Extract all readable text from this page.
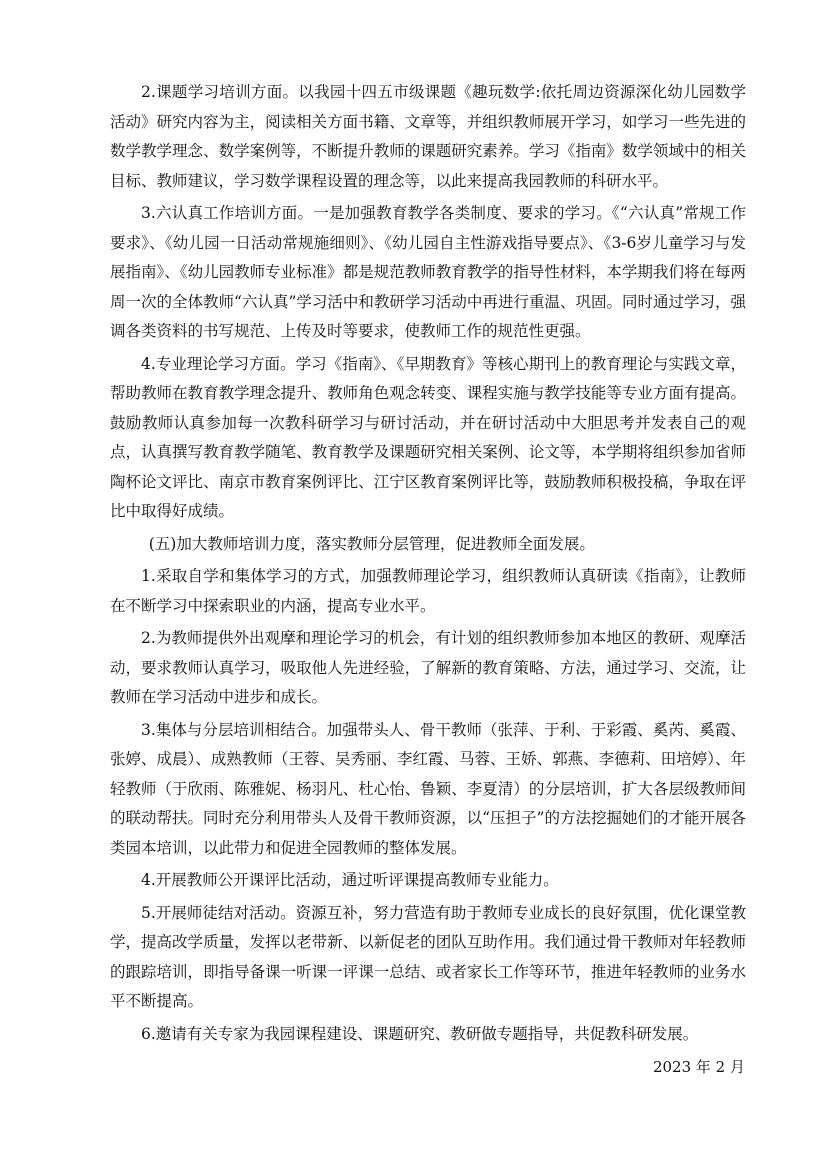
2.课题学习培训方面。以我园十四五市级课题《趣玩数学:依托周边资源深化幼儿园数学活动》研究内容为主，阅读相关方面书籍、文章等，并组织教师展开学习，如学习一些先进的数学教学理念、数学案例等，不断提升教师的课题研究素养。学习《指南》数学领域中的相关目标、教师建议，学习数学课程设置的理念等，以此来提高我园教师的科研水平。

3.六认真工作培训方面。一是加强教育教学各类制度、要求的学习。《“六认真”常规工作要求》、《幼儿园一日活动常规施细则》、《幼儿园自主性游戏指导要点》、《3-6岁儿童学习与发展指南》、《幼儿园教师专业标准》都是规范教师教育教学的指导性材料，本学期我们将在每两周一次的全体教师“六认真”学习活中和教研学习活动中再进行重温、巩固。同时通过学习，强调各类资料的书写规范、上传及时等要求，使教师工作的规范性更强。

4.专业理论学习方面。学习《指南》、《早期教育》等核心期刊上的教育理论与实践文章，帮助教师在教育教学理念提升、教师角色观念转变、课程实施与教学技能等专业方面有提高。鼓励教师认真参加每一次教科研学习与研讨活动，并在研讨活动中大胆思考并发表自己的观点，认真撰写教育教学随笔、教育教学及课题研究相关案例、论文等，本学期将组织参加省师陶杯论文评比、南京市教育案例评比、江宁区教育案例评比等，鼓励教师积极投稿，争取在评比中取得好成绩。

(五)加大教师培训力度，落实教师分层管理，促进教师全面发展。

1.采取自学和集体学习的方式，加强教师理论学习，组织教师认真研读《指南》，让教师在不断学习中探索职业的内涵，提高专业水平。

2.为教师提供外出观摩和理论学习的机会，有计划的组织教师参加本地区的教研、观摩活动，要求教师认真学习，吸取他人先进经验，了解新的教育策略、方法，通过学习、交流，让教师在学习活动中进步和成长。

3.集体与分层培训相结合。加强带头人、骨干教师（张萍、于利、于彩霞、奚芮、奚霞、张婷、成晨）、成熟教师（王蓉、吴秀丽、李红霞、马蓉、王娇、郭燕、李德莉、田培婷）、年轻教师（于欣雨、陈雅妮、杨羽凡、杜心怡、鲁颖、李夏清）的分层培训，扩大各层级教师间的联动帮扶。同时充分利用带头人及骨干教师资源，以“压担子”的方法挖掘她们的才能开展各类园本培训，以此带力和促进全园教师的整体发展。

4.开展教师公开课评比活动，通过听评课提高教师专业能力。

5.开展师徒结对活动。资源互补，努力营造有助于教师专业成长的良好氛围，优化课堂教学，提高改学质量，发挥以老带新、以新促老的团队互助作用。我们通过骨干教师对年轻教师的跟踪培训，即指导备课一听课一评课一总结、或者家长工作等环节，推进年轻教师的业务水平不断提高。

6.邀请有关专家为我园课程建设、课题研究、教研做专题指导，共促教科研发展。

2023 年 2 月
